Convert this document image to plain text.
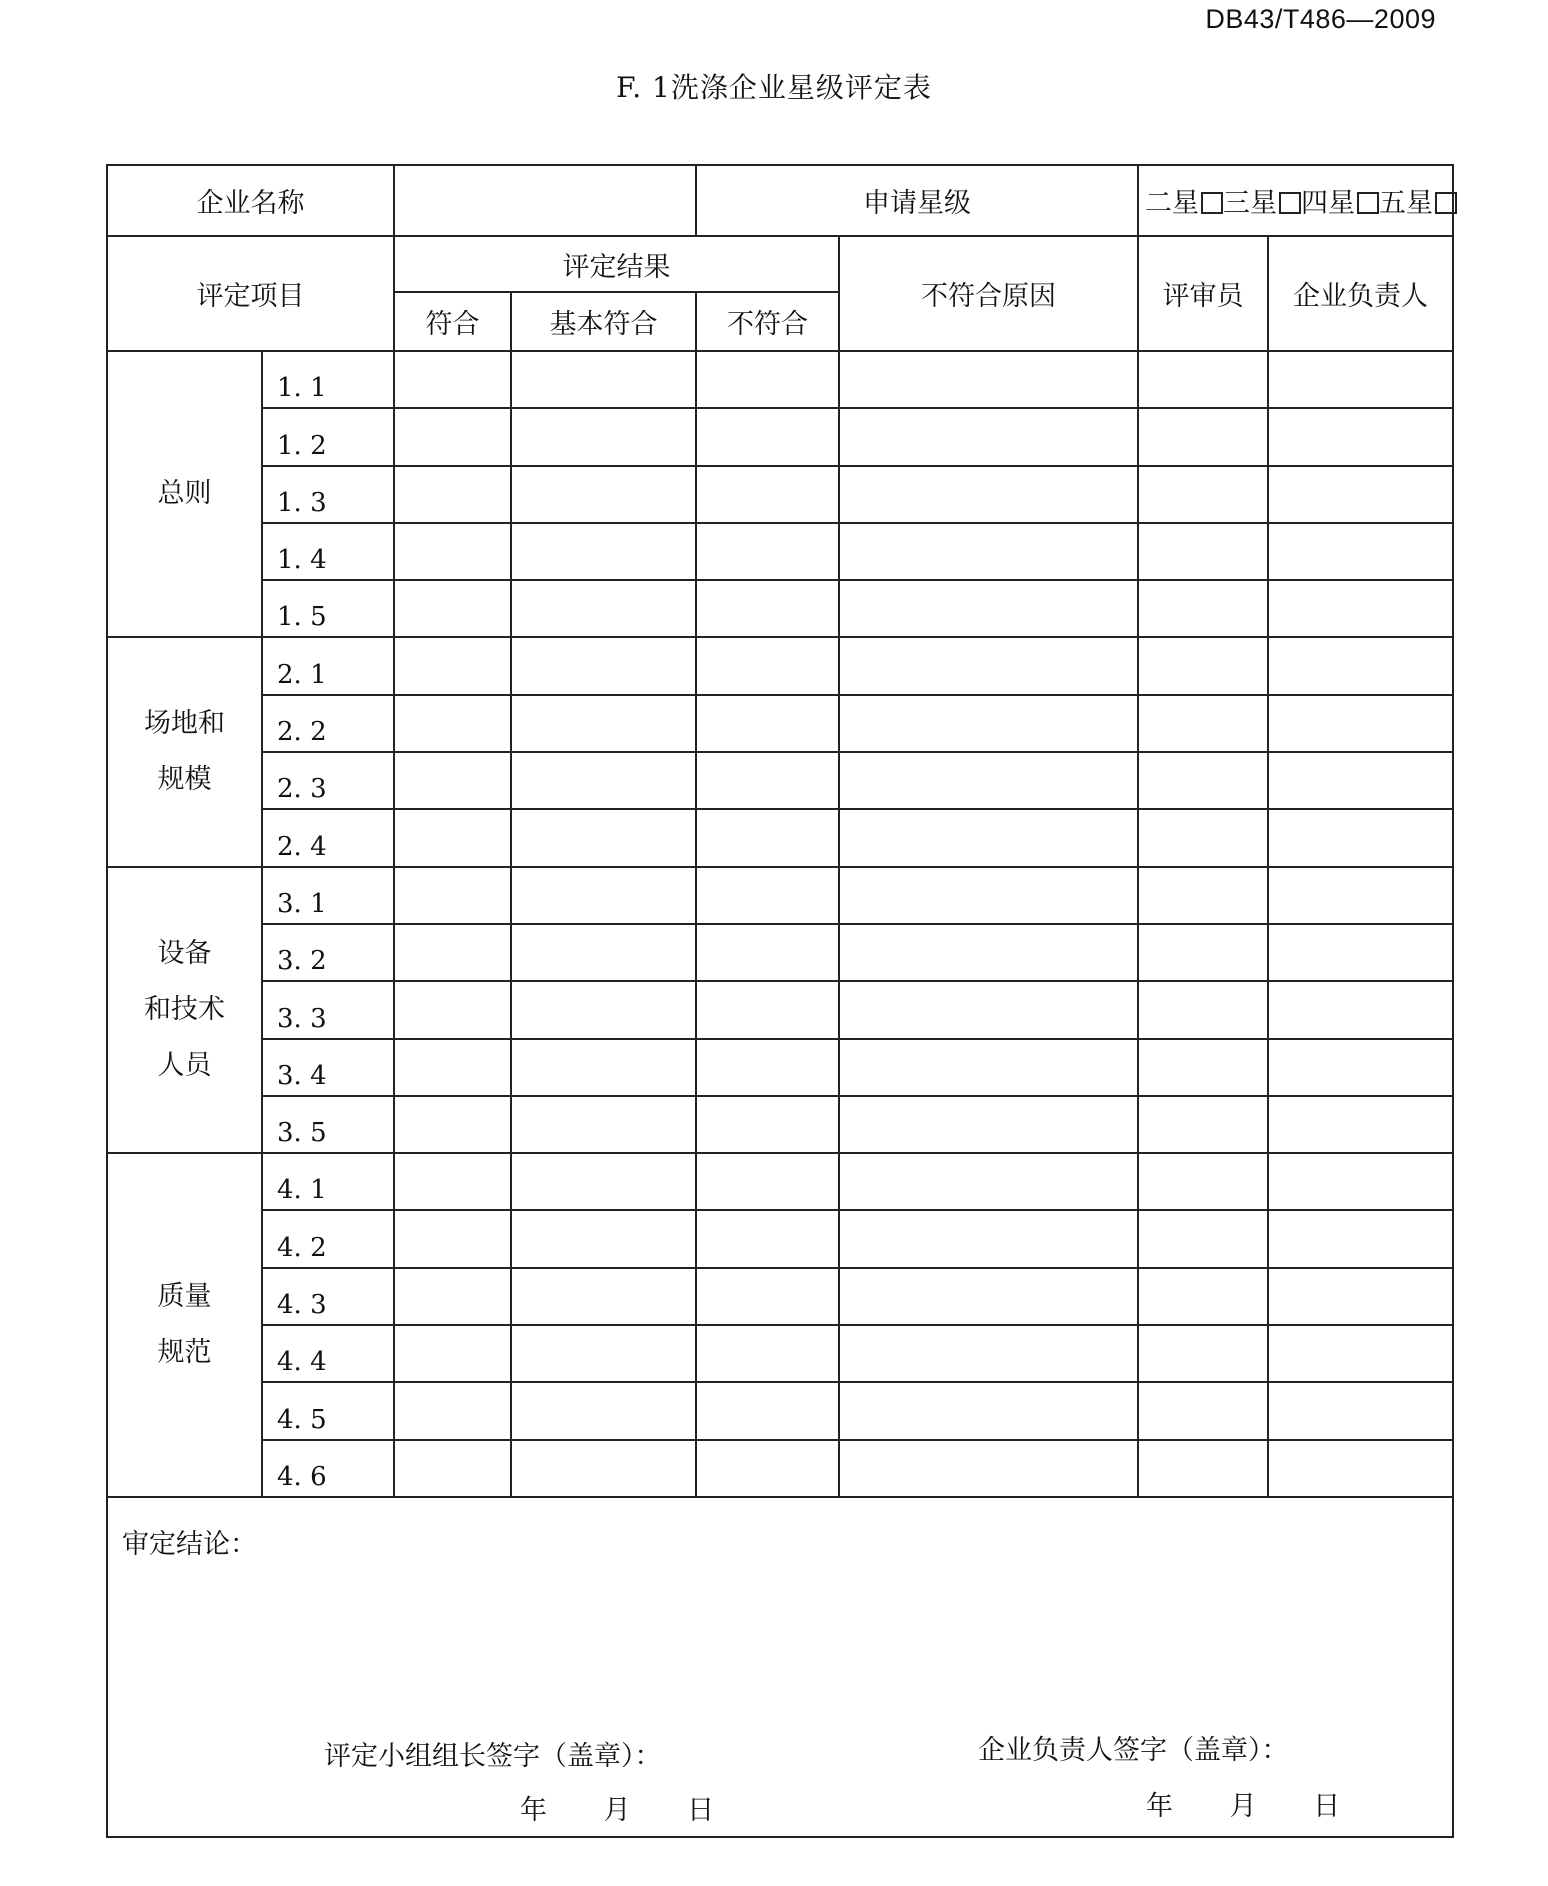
DB43/T486—2009
F. 1洗涤企业星级评定表
企业名称				申请星级		二星 三星 四星 五星	

评定项目		评定结果			不符合原因	评审员	企业负责人
		符合	基本符合	不符合			

总则	1. 1						
	1. 2						
	1. 3						
	1. 4						
	1. 5						

场地和
规模	2. 1						
	2. 2						
	2. 3						
	2. 4						

设备
和技术
人员	3. 1						
	3. 2						
	3. 3						
	3. 4						
	3. 5						

质量
规范	4. 1						
	4. 2						
	4. 3						
	4. 4						
	4. 5						
	4. 6						

审定结论：
评定小组组长签字（盖章）： 企业负责人签字（盖章）：
年 月 日 年 月 日							
